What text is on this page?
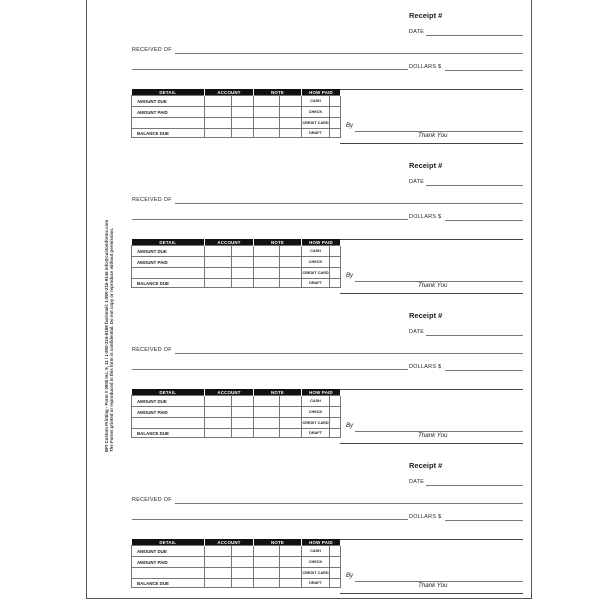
Receipt #
DATE
RECEIVED OF
DOLLARS $
DETAIL	ACCOUNT		NOTE		HOW PAID	
AMOUNT DUE					CASH	
AMOUNT PAID					CHECK	
					CREDIT CARD	
BALANCE DUE					DRAFT	
By
Thank You
Receipt #
DATE
RECEIVED OF
DOLLARS $
DETAIL	ACCOUNT		NOTE		HOW PAID	
AMOUNT DUE					CASH	
AMOUNT PAID					CHECK	
					CREDIT CARD	
BALANCE DUE					DRAFT	
By
Thank You
Receipt #
DATE
RECEIVED OF
DOLLARS $
DETAIL	ACCOUNT		NOTE		HOW PAID	
AMOUNT DUE					CASH	
AMOUNT PAID					CHECK	
					CREDIT CARD	
BALANCE DUE					DRAFT	
By
Thank You
Receipt #
DATE
RECEIVED OF
DOLLARS $
DETAIL	ACCOUNT		NOTE		HOW PAID	
AMOUNT DUE					CASH	
AMOUNT PAID					CHECK	
					CREDIT CARD	
BALANCE DUE					DRAFT	
By
Thank You
BPI Custom Printing - Form # 0905 Inc. 9, 11 / 1-800-216-8188 fax/email: 1-800-216-9146 info@customforms.com The Forms printed or reproduced in this form is confidential. Do not copy or reproduce without permission.
